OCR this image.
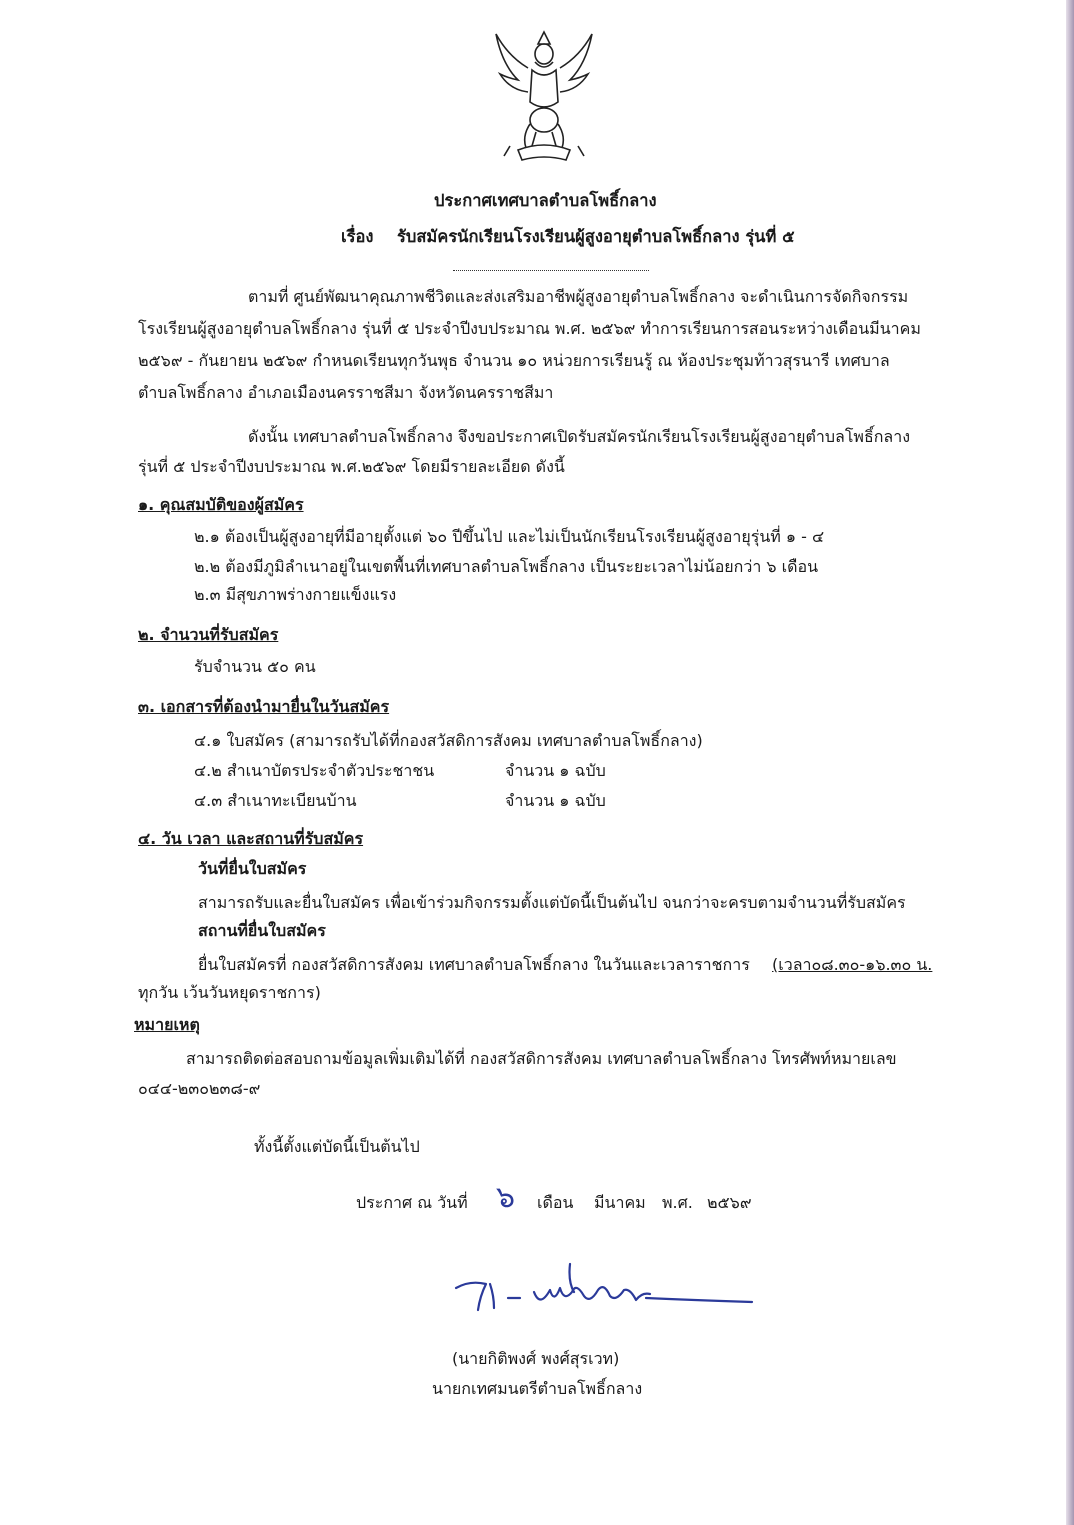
ประกาศเทศบาลตำบลโพธิ์กลาง
เรื่อง รับสมัครนักเรียนโรงเรียนผู้สูงอายุตำบลโพธิ์กลาง รุ่นที่ ๕
ตามที่ ศูนย์พัฒนาคุณภาพชีวิตและส่งเสริมอาชีพผู้สูงอายุตำบลโพธิ์กลาง จะดำเนินการจัดกิจกรรม
โรงเรียนผู้สูงอายุตำบลโพธิ์กลาง รุ่นที่ ๕ ประจำปีงบประมาณ พ.ศ. ๒๕๖๙ ทำการเรียนการสอนระหว่างเดือนมีนาคม
๒๕๖๙ - กันยายน ๒๕๖๙ กำหนดเรียนทุกวันพุธ จำนวน ๑๐ หน่วยการเรียนรู้ ณ ห้องประชุมท้าวสุรนารี เทศบาล
ตำบลโพธิ์กลาง อำเภอเมืองนครราชสีมา จังหวัดนครราชสีมา
ดังนั้น เทศบาลตำบลโพธิ์กลาง จึงขอประกาศเปิดรับสมัครนักเรียนโรงเรียนผู้สูงอายุตำบลโพธิ์กลาง
รุ่นที่ ๕ ประจำปีงบประมาณ พ.ศ.๒๕๖๙ โดยมีรายละเอียด ดังนี้
๑. คุณสมบัติของผู้สมัคร
๒.๑ ต้องเป็นผู้สูงอายุที่มีอายุตั้งแต่ ๖๐ ปีขึ้นไป และไม่เป็นนักเรียนโรงเรียนผู้สูงอายุรุ่นที่ ๑ - ๔
๒.๒ ต้องมีภูมิลำเนาอยู่ในเขตพื้นที่เทศบาลตำบลโพธิ์กลาง เป็นระยะเวลาไม่น้อยกว่า ๖ เดือน
๒.๓ มีสุขภาพร่างกายแข็งแรง
๒. จำนวนที่รับสมัคร
รับจำนวน ๕๐ คน
๓. เอกสารที่ต้องนำมายื่นในวันสมัคร
๔.๑ ใบสมัคร (สามารถรับได้ที่กองสวัสดิการสังคม เทศบาลตำบลโพธิ์กลาง)
๔.๒ สำเนาบัตรประจำตัวประชาชน	จำนวน ๑ ฉบับ
๔.๓ สำเนาทะเบียนบ้าน	จำนวน ๑ ฉบับ
๔. วัน เวลา และสถานที่รับสมัคร
วันที่ยื่นใบสมัคร
สามารถรับและยื่นใบสมัคร เพื่อเข้าร่วมกิจกรรมตั้งแต่บัดนี้เป็นต้นไป จนกว่าจะครบตามจำนวนที่รับสมัคร
สถานที่ยื่นใบสมัคร
ยื่นใบสมัครที่ กองสวัสดิการสังคม เทศบาลตำบลโพธิ์กลาง ในวันและเวลาราชการ (เวลา๐๘.๓๐-๑๖.๓๐ น.
ทุกวัน เว้นวันหยุดราชการ)
หมายเหตุ
สามารถติดต่อสอบถามข้อมูลเพิ่มเติมได้ที่ กองสวัสดิการสังคม เทศบาลตำบลโพธิ์กลาง โทรศัพท์หมายเลข
๐๔๔-๒๓๐๒๓๘-๙
ทั้งนี้ตั้งแต่บัดนี้เป็นต้นไป
ประกาศ ณ วันที่ ๖ เดือน มีนาคม พ.ศ. ๒๕๖๙
(นายกิติพงศ์ พงศ์สุรเวท)
นายกเทศมนตรีตำบลโพธิ์กลาง
